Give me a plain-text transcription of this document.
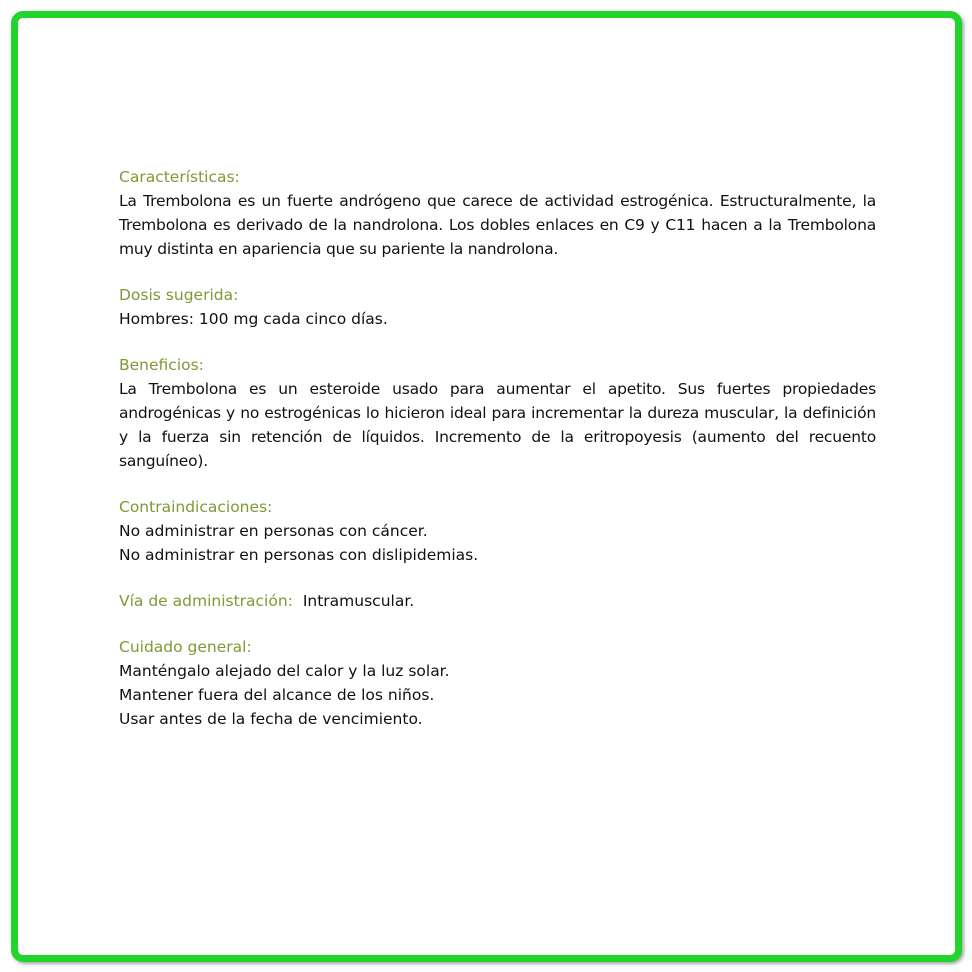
Características:
La Trembolona es un fuerte andrógeno que carece de actividad estrogénica. Estructuralmente, la Trembolona es derivado de la nandrolona. Los dobles enlaces en C9 y C11 hacen a la Trembolona muy distinta en apariencia que su pariente la nandrolona.
Dosis sugerida:
Hombres: 100 mg cada cinco días.
Beneficios:
La Trembolona es un esteroide usado para aumentar el apetito. Sus fuertes propiedades androgénicas y no estrogénicas lo hicieron ideal para incrementar la dureza muscular, la definición y la fuerza sin retención de líquidos. Incremento de la eritropoyesis (aumento del recuento sanguíneo).
Contraindicaciones:
No administrar en personas con cáncer.
No administrar en personas con dislipidemias.
Vía de administración: Intramuscular.
Cuidado general:
Manténgalo alejado del calor y la luz solar.
Mantener fuera del alcance de los niños.
Usar antes de la fecha de vencimiento.
